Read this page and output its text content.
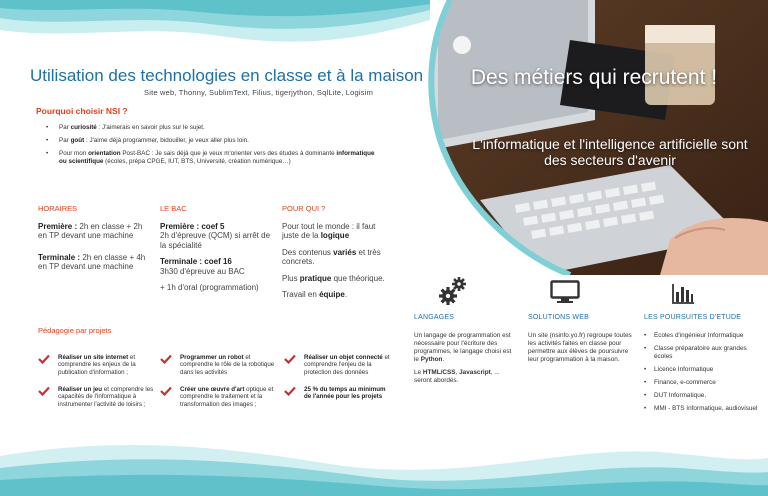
Des métiers qui recrutent !
L'informatique et l'intelligence artificielle sont des secteurs d'avenir
Utilisation des technologies en classe et à la maison
Site web, Thonny, SublimText, Filius, tigerjython, SqlLite, Logisim
Pourquoi choisir NSI ?
• Par curiosité : J'aimerais en savoir plus sur le sujet.
• Par goût : J'aime déjà programmer, bidouiller, je veux aller plus loin.
• Pour mon orientation Post-BAC : Je sais déjà que je veux m'orienter vers des études à dominante informatique ou scientifique (écoles, prépa CPGE, IUT, BTS, Université, création numérique…)
HORAIRES
Première : 2h en classe + 2h en TP devant une machine
Terminale : 2h en classe + 4h en TP devant une machine
LE BAC
Première : coef 5
2h d'épreuve (QCM) si arrêt de la spécialité
Terminale : coef 16
3h30 d'épreuve au BAC
+ 1h d'oral (programmation)
POUR QUI ?
Pour tout le monde : il faut juste de la logique
Des contenus variés et très concrets.
Plus pratique que théorique.
Travail en équipe.
Pédagogie par projets
Réaliser un site internet et comprendre les enjeux de la publication d'information ;
Réaliser un jeu et comprendre les capacités de l'informatique à instrumenter l'activité de loisirs ;
Programmer un robot et comprendre le rôle de la robotique dans les activités
Créer une œuvre d'art optique et comprendre le traitement et la transformation des images ;
Réaliser un objet connecté et comprendre l'enjeu de la protection des données
25 % du temps au minimum de l'année pour les projets
LANGAGES

Un langage de programmation est nécessaire pour l'écriture des programmes, le langage choisi est le Python.

Le HTML/CSS, Javascript, ... seront abordés.

SOLUTIONS WEB

Un site (nsinfo.yo.fr) regroupe toutes les activités faites en classe pour permettre aux élèves de poursuivre leur programmation à la maison.

LES POURSUITES D'ETUDE
• Ecoles d'ingénieur Informatique
• Classe préparatoire aux grandes écoles
• Licence Informatique
• Finance, e-commerce
• DUT Informatique,
• MMI - BTS Informatique, audiovisuel
